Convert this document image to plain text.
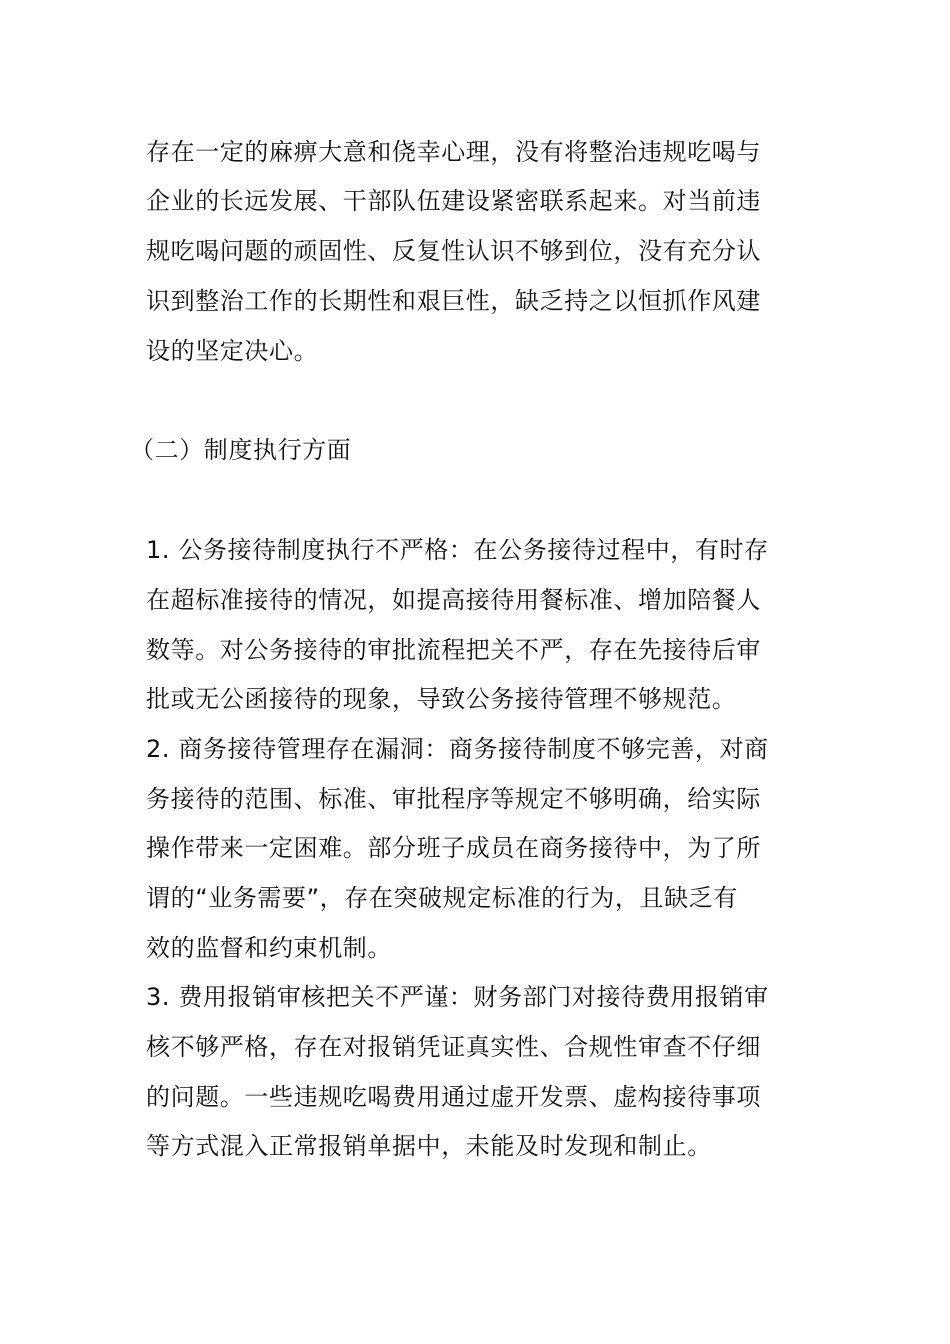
存在一定的麻痹大意和侥幸心理，没有将整治违规吃喝与
企业的长远发展、干部队伍建设紧密联系起来。对当前违
规吃喝问题的顽固性、反复性认识不够到位，没有充分认
识到整治工作的长期性和艰巨性，缺乏持之以恒抓作风建
设的坚定决心。
（二）制度执行方面
1. 公务接待制度执行不严格：在公务接待过程中，有时存
在超标准接待的情况，如提高接待用餐标准、增加陪餐人
数等。对公务接待的审批流程把关不严，存在先接待后审
批或无公函接待的现象，导致公务接待管理不够规范。
2. 商务接待管理存在漏洞：商务接待制度不够完善，对商
务接待的范围、标准、审批程序等规定不够明确，给实际
操作带来一定困难。部分班子成员在商务接待中，为了所
谓的“业务需要”，存在突破规定标准的行为，且缺乏有
效的监督和约束机制。
3. 费用报销审核把关不严谨：财务部门对接待费用报销审
核不够严格，存在对报销凭证真实性、合规性审查不仔细
的问题。一些违规吃喝费用通过虚开发票、虚构接待事项
等方式混入正常报销单据中，未能及时发现和制止。
